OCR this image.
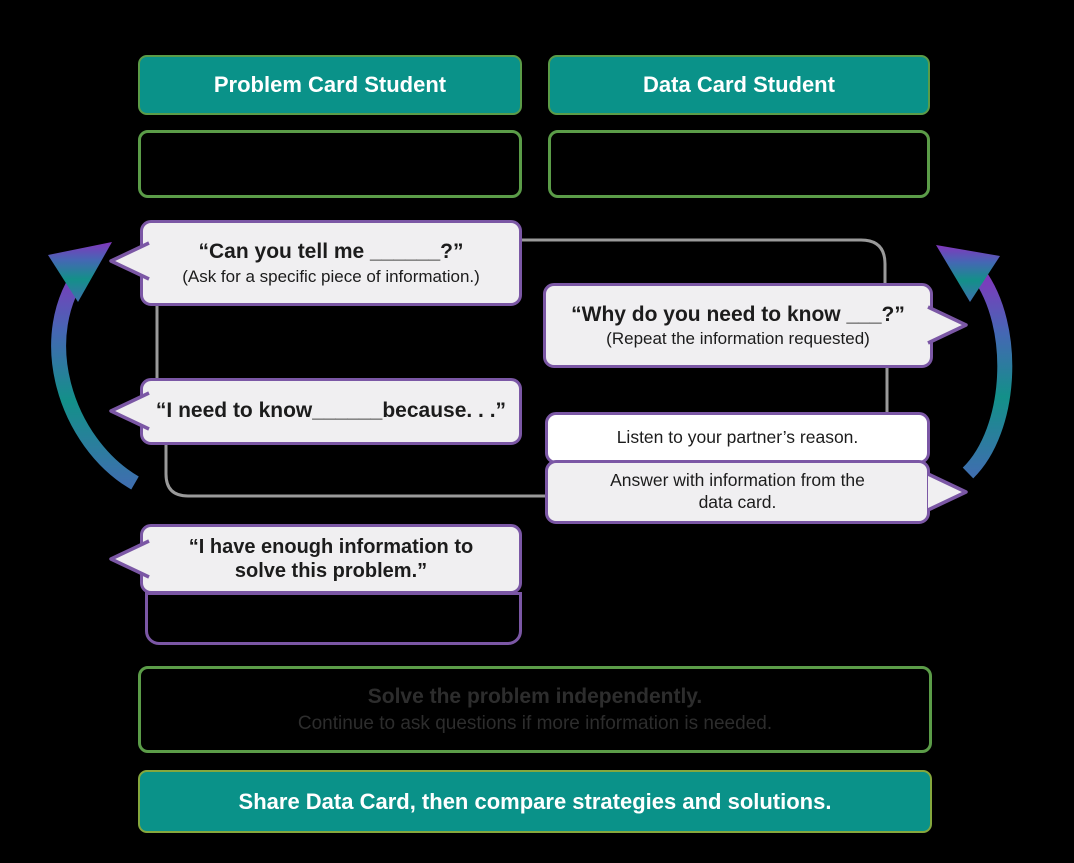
Problem Card Student	Data Card Student
“Can you tell me ______?”
(Ask for a specific piece of information.)
“Why do you need to know ___?”
(Repeat the information requested)
“I need to know______because. . .”
Listen to your partner’s reason.
Answer with information from the data card.
“I have enough information to solve this problem.”
Solve the problem independently.
Continue to ask questions if more information is needed.
Share Data Card, then compare strategies and solutions.
